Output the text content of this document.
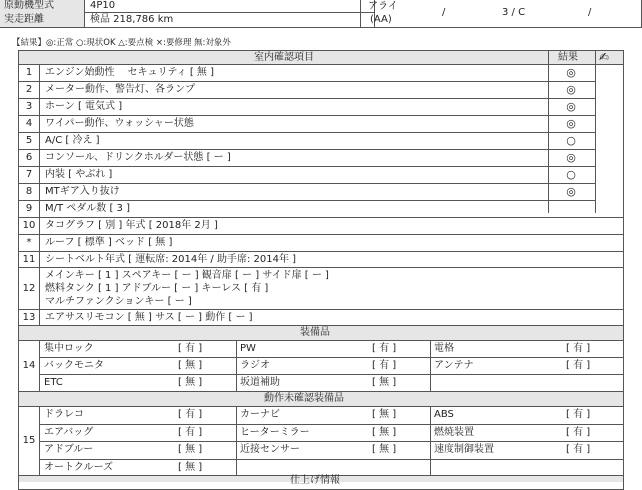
原動機型式	4P10
実走距離	検品 218,786 km
アライ
(AA)
/	3 / C	/
【結果】◎:正常 ○:現状OK △:要点検 ×:要修理 無:対象外
室内確認項目	結果 ✍
1	エンジン始動性　 セキュリティ [ 無 ]	◎
2	メーター動作、警告灯、各ランプ	◎
3	ホーン [ 電気式 ]	◎
4	ワイパー動作、ウォッシャー状態	◎
5	A/C [ 冷え ]	○
6	コンソール、ドリンクホルダー状態 [ ー ]	◎
7	内装 [ やぶれ ]	○
8	MTギア入り抜け	◎
9	M/T ペダル数 [ 3 ]
10 タコグラフ [ 別 ] 年式 [ 2018年 2月 ]
*	ルーフ [ 標準 ] ベッド [ 無 ]
11 シートベルト年式 [ 運転席: 2014年 / 助手席: 2014年 ]
12
メインキー [ 1 ] スペアキー [ ー ] 観音扉 [ ー ] サイド扉 [ ー ]
燃料タンク [ 1 ] アドブルー [ ー ] キーレス [ 有 ]
マルチファンクションキー [ ー ]
13 エアサスリモコン [ 無 ] サス [ ー ] 動作 [ ー ]
装備品
14
集中ロック	[ 有 ]	PW	[ 有 ]	電格	[ 有 ]
バックモニタ	[ 無 ]	ラジオ	[ 有 ]	アンテナ	[ 有 ]
ETC	[ 無 ]	坂道補助	[ 無 ]
動作未確認装備品
15
ドラレコ	[ 有 ]	カーナビ	[ 無 ]	ABS	[ 有 ]
エアバッグ	[ 有 ]	ヒーターミラー	[ 無 ]	燃焼装置	[ 有 ]
アドブルー	[ 無 ]	近接センサー	[ 無 ]	速度制御装置	[ 有 ]
オートクルーズ	[ 無 ]
仕上げ情報
